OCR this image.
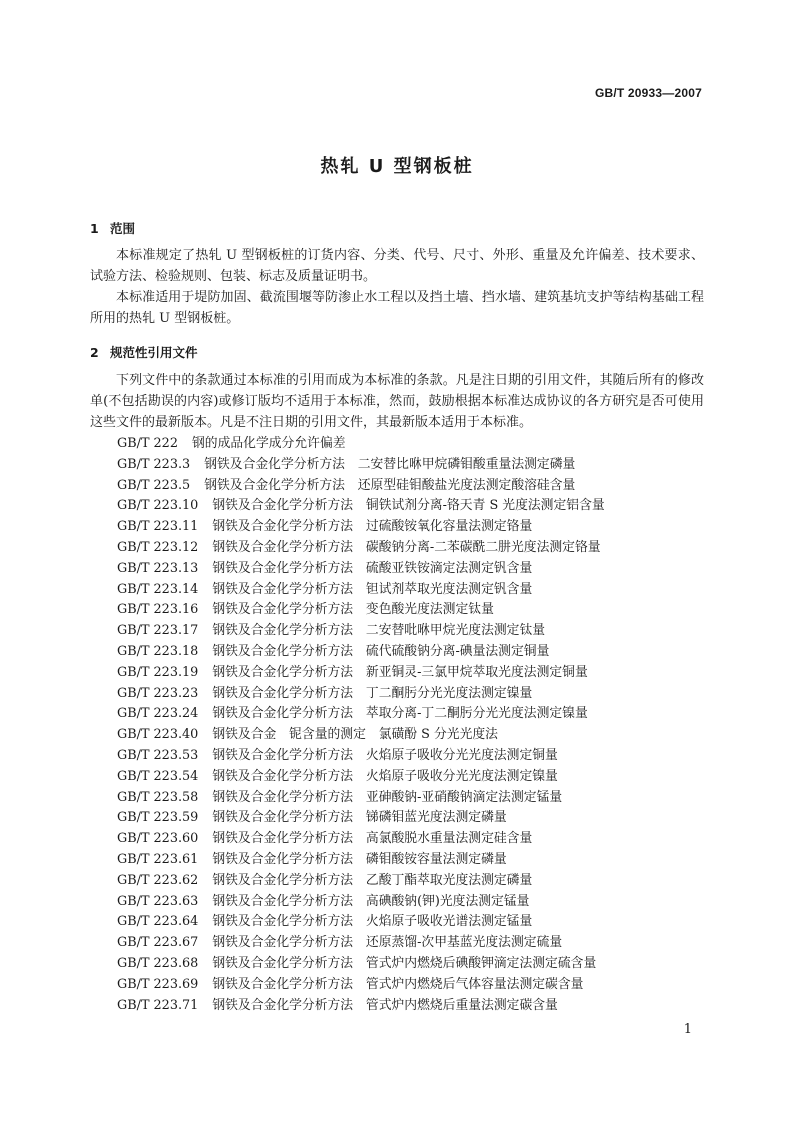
GB/T 20933—2007
热轧 U 型钢板桩
1 范围

本标准规定了热轧 U 型钢板桩的订货内容、分类、代号、尺寸、外形、重量及允许偏差、技术要求、试验方法、检验规则、包装、标志及质量证明书。

本标准适用于堤防加固、截流围堰等防渗止水工程以及挡土墙、挡水墙、建筑基坑支护等结构基础工程所用的热轧 U 型钢板桩。

2 规范性引用文件

下列文件中的条款通过本标准的引用而成为本标准的条款。凡是注日期的引用文件，其随后所有的修改单(不包括勘误的内容)或修订版均不适用于本标准，然而，鼓励根据本标准达成协议的各方研究是否可使用这些文件的最新版本。凡是不注日期的引用文件，其最新版本适用于本标准。

GB/T 222 钢的成品化学成分允许偏差
GB/T 223.3 钢铁及合金化学分析方法　二安替比咻甲烷磷钼酸重量法测定磷量
GB/T 223.5 钢铁及合金化学分析方法　还原型硅钼酸盐光度法测定酸溶硅含量
GB/T 223.10 钢铁及合金化学分析方法　铜铁试剂分离-铬天青 S 光度法测定铝含量
GB/T 223.11 钢铁及合金化学分析方法　过硫酸铵氧化容量法测定铬量
GB/T 223.12 钢铁及合金化学分析方法　碳酸钠分离-二苯碳酰二肼光度法测定铬量
GB/T 223.13 钢铁及合金化学分析方法　硫酸亚铁铵滴定法测定钒含量
GB/T 223.14 钢铁及合金化学分析方法　钽试剂萃取光度法测定钒含量
GB/T 223.16 钢铁及合金化学分析方法　变色酸光度法测定钛量
GB/T 223.17 钢铁及合金化学分析方法　二安替吡咻甲烷光度法测定钛量
GB/T 223.18 钢铁及合金化学分析方法　硫代硫酸钠分离-碘量法测定铜量
GB/T 223.19 钢铁及合金化学分析方法　新亚铜灵-三氯甲烷萃取光度法测定铜量
GB/T 223.23 钢铁及合金化学分析方法　丁二酮肟分光光度法测定镍量
GB/T 223.24 钢铁及合金化学分析方法　萃取分离-丁二酮肟分光光度法测定镍量
GB/T 223.40 钢铁及合金　铌含量的测定　氯磺酚 S 分光光度法
GB/T 223.53 钢铁及合金化学分析方法　火焰原子吸收分光光度法测定铜量
GB/T 223.54 钢铁及合金化学分析方法　火焰原子吸收分光光度法测定镍量
GB/T 223.58 钢铁及合金化学分析方法　亚砷酸钠-亚硝酸钠滴定法测定锰量
GB/T 223.59 钢铁及合金化学分析方法　锑磷钼蓝光度法测定磷量
GB/T 223.60 钢铁及合金化学分析方法　高氯酸脱水重量法测定硅含量
GB/T 223.61 钢铁及合金化学分析方法　磷钼酸铵容量法测定磷量
GB/T 223.62 钢铁及合金化学分析方法　乙酸丁酯萃取光度法测定磷量
GB/T 223.63 钢铁及合金化学分析方法　高碘酸钠(钾)光度法测定锰量
GB/T 223.64 钢铁及合金化学分析方法　火焰原子吸收光谱法测定锰量
GB/T 223.67 钢铁及合金化学分析方法　还原蒸馏-次甲基蓝光度法测定硫量
GB/T 223.68 钢铁及合金化学分析方法　管式炉内燃烧后碘酸钾滴定法测定硫含量
GB/T 223.69 钢铁及合金化学分析方法　管式炉内燃烧后气体容量法测定碳含量
GB/T 223.71 钢铁及合金化学分析方法　管式炉内燃烧后重量法测定碳含量
1
